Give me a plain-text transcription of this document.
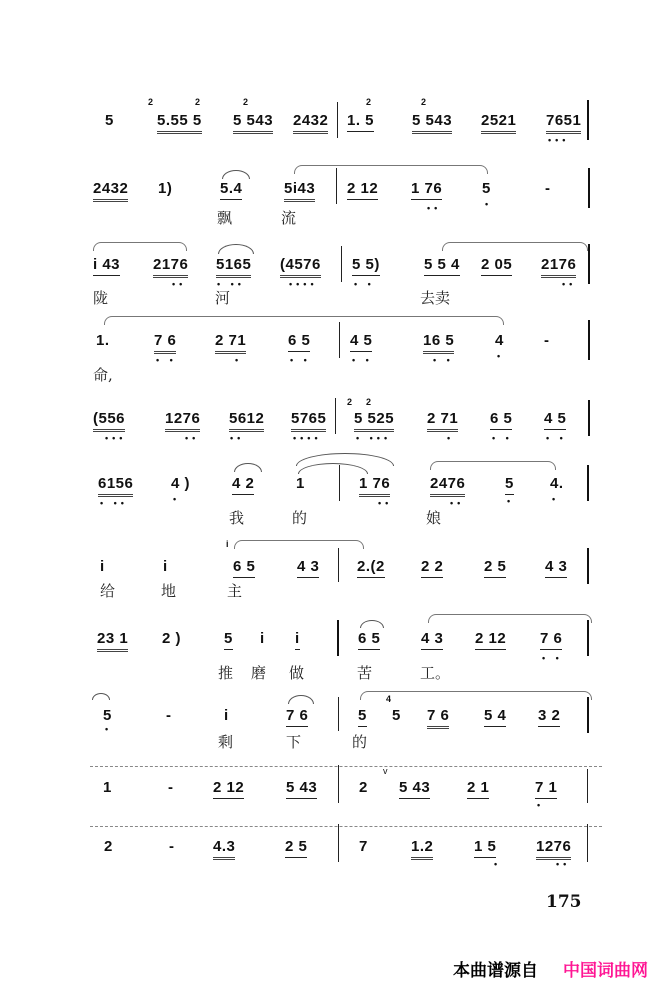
5
2
5.55 5
2	2
5 543 2432
2
1. 5
2
5 543 2521 7651
•••
2432 1)	5.4	5i43 2 12 1 76
••
5
•
-
飘	流
i 43 2176
••
5165
• ••
(4576
••••
5 5)
• •
5 5 4 2 05 2176
••
陇	河	去卖
1.	7 6
• •
2 71
•
6 5
• •
4 5
• •
16 5
• •
4
•
-
命,
(556
•••
1276
••
5612
••
5765
••••
2 2
5 525
• •••
2 71
•
6 5
• •
4 5
• •
6156
• ••
4 )
•
4 2	1	1 76
••
2476
••
5
•
4.
•
我	的	娘
i	i
i
6 5	4 3	2.(2 2 2	2 5	4 3
给	地	主
23 1 2 )	5 i i	6 5	4 3 2 12 7 6
• •
推 磨 做	苦	工。
5
•
-	i	7 6	5
4
5 7 6 5 4 3 2
剩	下	的
1	-	2 12	5 43	2
v
5 43 2 1	7 1
•
2	-	4.3	2 5	7	1.2	1 5
•
1276
••
175
本曲谱源自 中国词曲网
